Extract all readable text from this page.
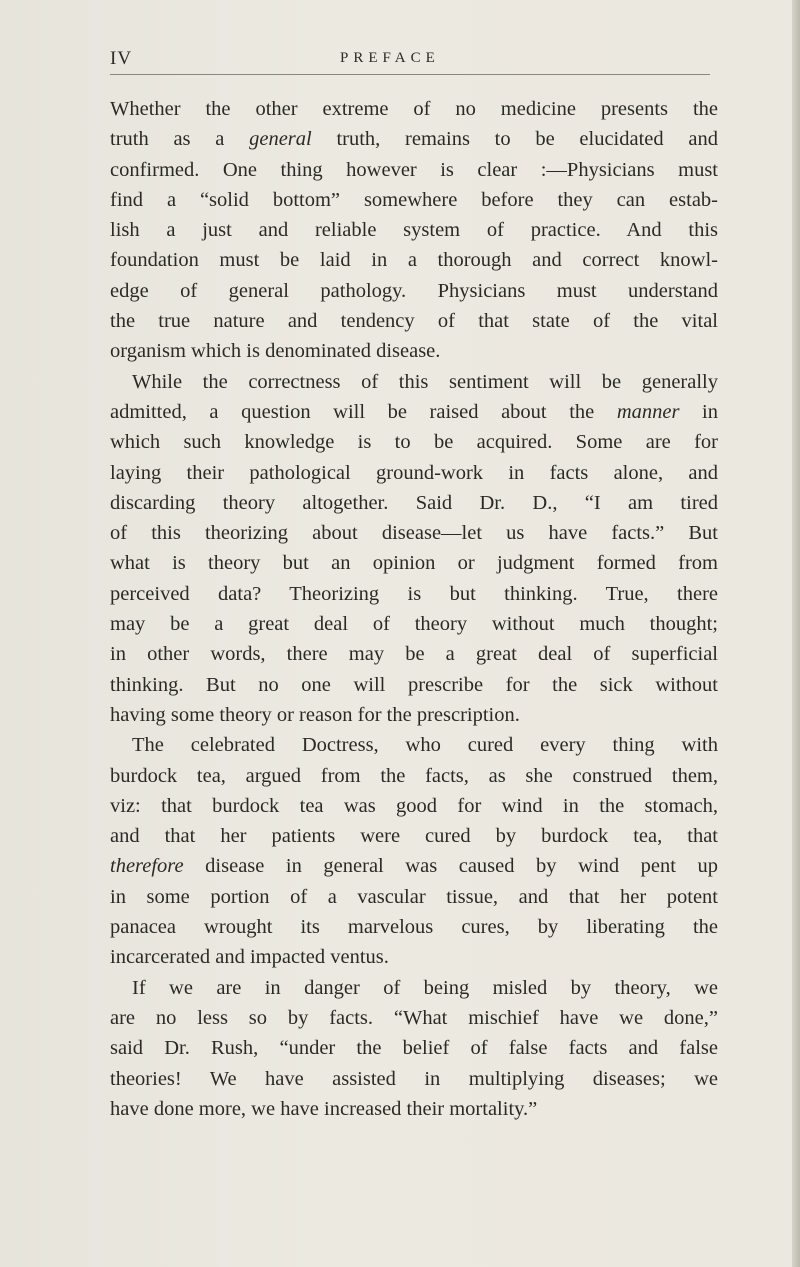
IV	PREFACE
Whether the other extreme of no medicine presents the
truth as a general truth, remains to be elucidated and
confirmed. One thing however is clear :—Physicians must
find a “solid bottom” somewhere before they can estab-
lish a just and reliable system of practice. And this
foundation must be laid in a thorough and correct knowl-
edge of general pathology. Physicians must understand
the true nature and tendency of that state of the vital
organism which is denominated disease.
While the correctness of this sentiment will be generally
admitted, a question will be raised about the manner in
which such knowledge is to be acquired. Some are for
laying their pathological ground-work in facts alone, and
discarding theory altogether. Said Dr. D., “I am tired
of this theorizing about disease—let us have facts.” But
what is theory but an opinion or judgment formed from
perceived data? Theorizing is but thinking. True, there
may be a great deal of theory without much thought;
in other words, there may be a great deal of superficial
thinking. But no one will prescribe for the sick without
having some theory or reason for the prescription.
The celebrated Doctress, who cured every thing with
burdock tea, argued from the facts, as she construed them,
viz: that burdock tea was good for wind in the stomach,
and that her patients were cured by burdock tea, that
therefore disease in general was caused by wind pent up
in some portion of a vascular tissue, and that her potent
panacea wrought its marvelous cures, by liberating the
incarcerated and impacted ventus.
If we are in danger of being misled by theory, we
are no less so by facts. “What mischief have we done,”
said Dr. Rush, “under the belief of false facts and false
theories! We have assisted in multiplying diseases; we
have done more, we have increased their mortality.”
